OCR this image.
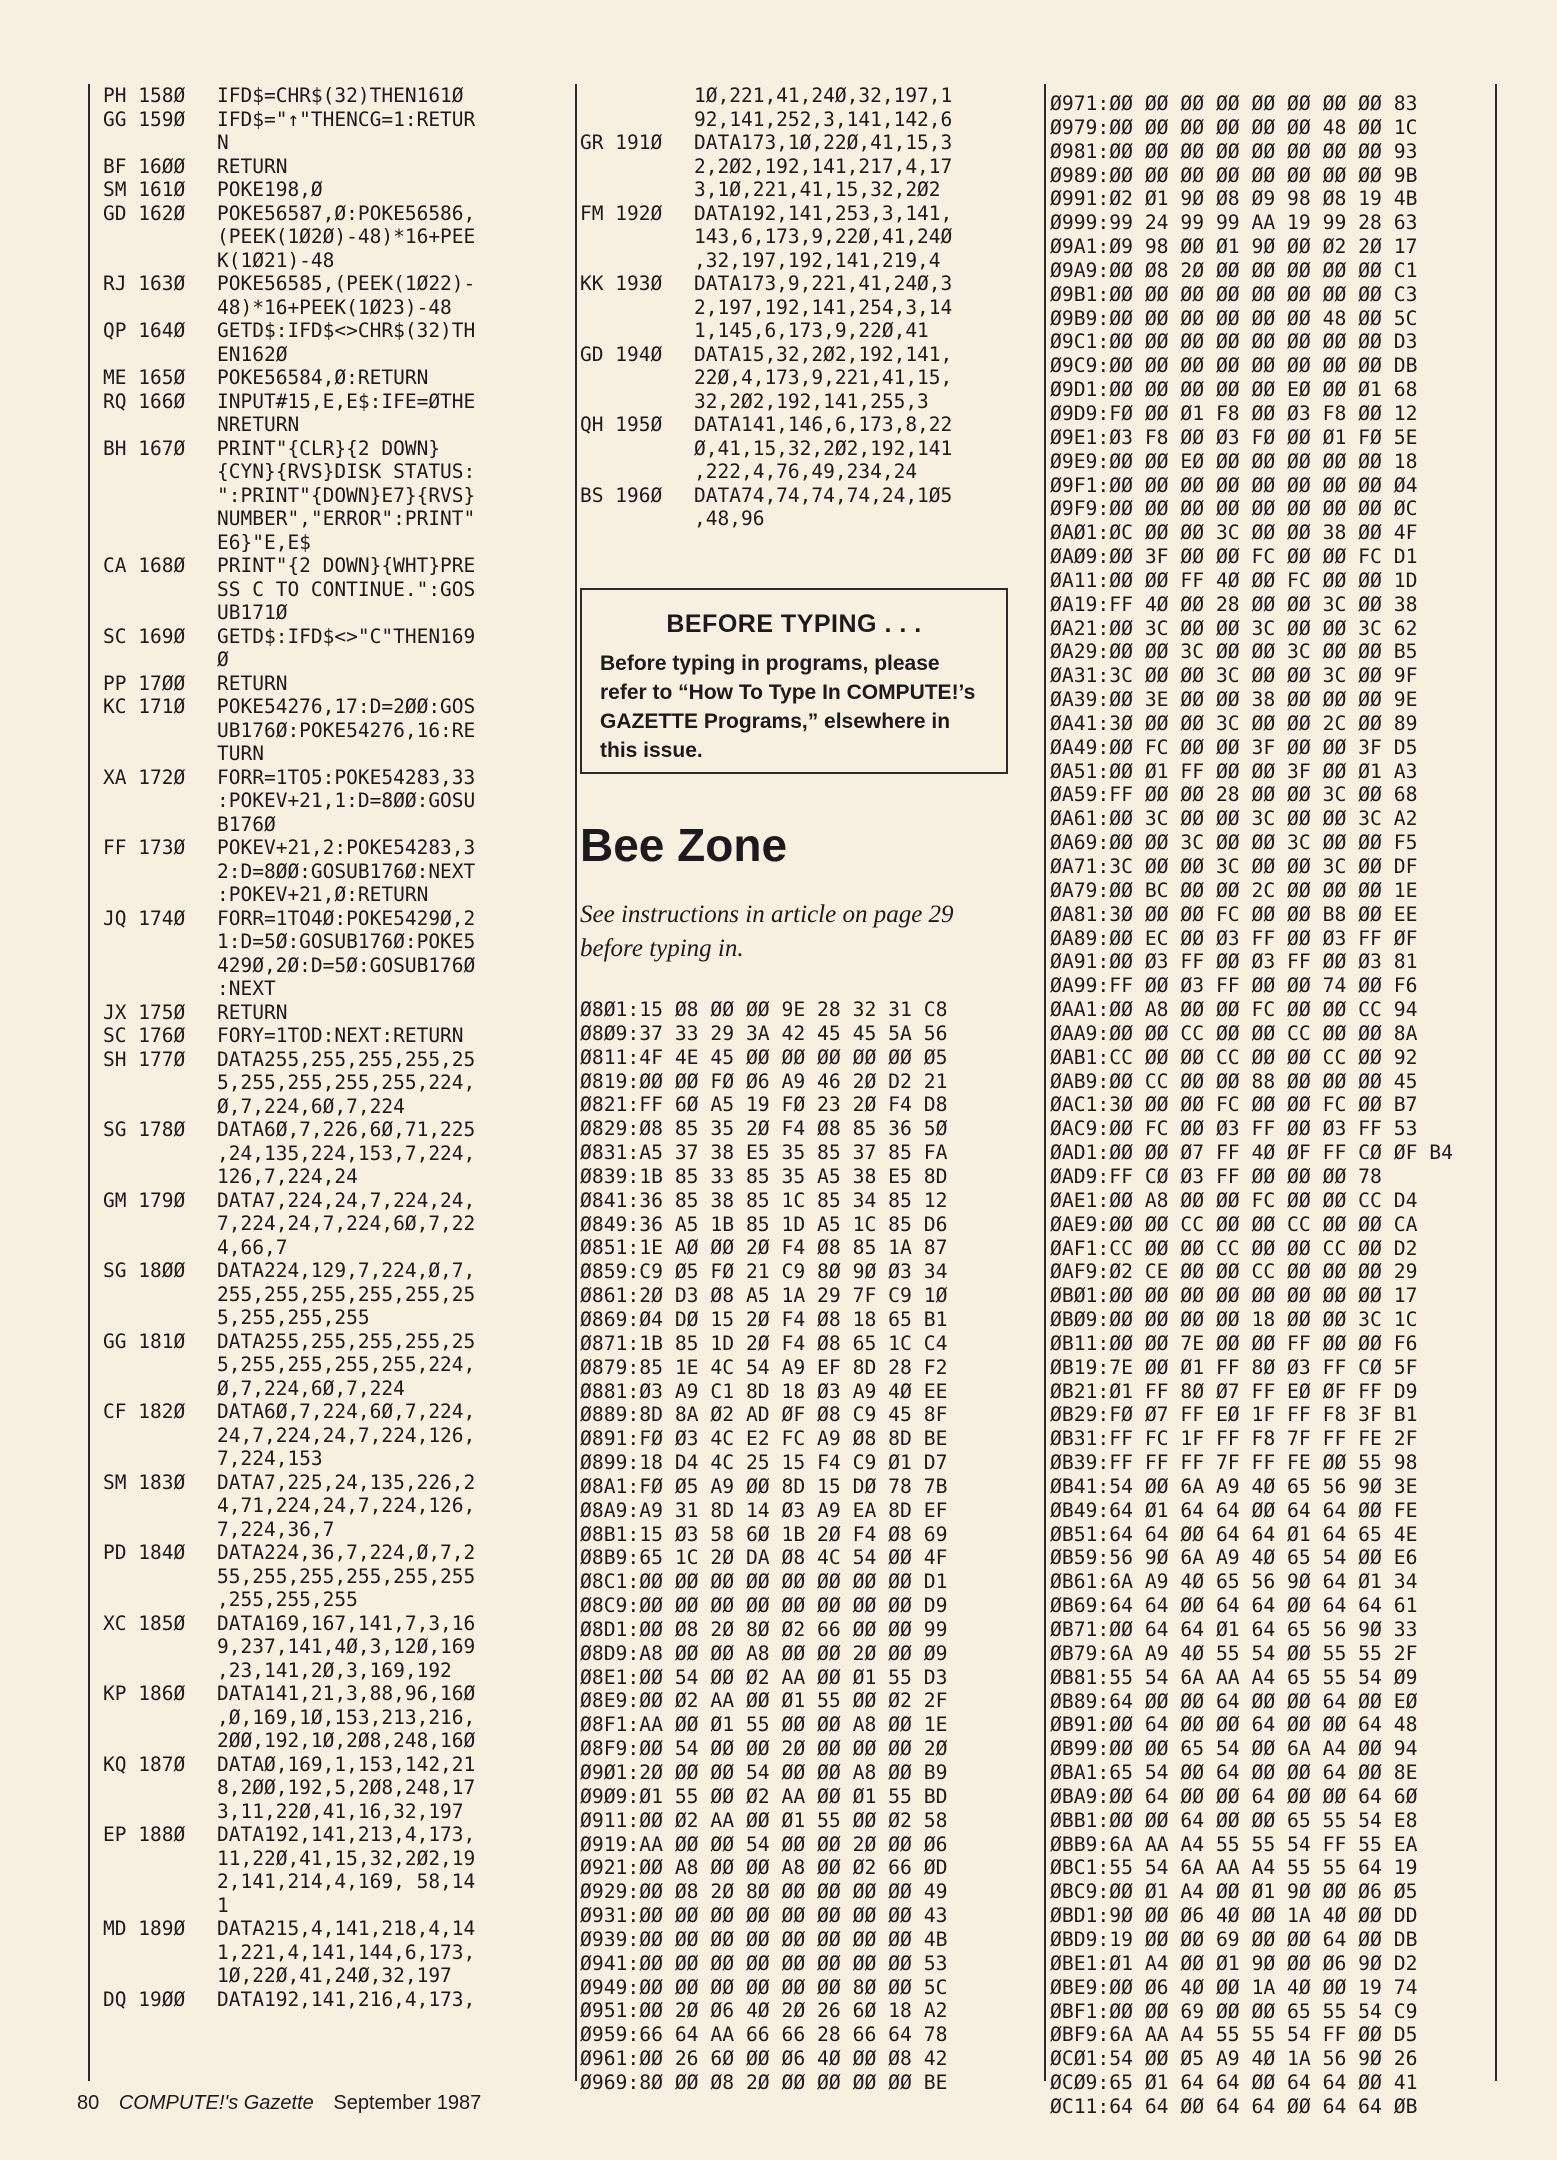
PH 158Ø	IFD$=CHR$(32)THEN161Ø
GG 159Ø	IFD$="↑"THENCG=1:RETUR
N
BF 16ØØ	RETURN
SM 161Ø	POKE198,Ø
GD 162Ø	POKE56587,Ø:POKE56586,
(PEEK(1Ø2Ø)-48)*16+PEE
K(1Ø21)-48
RJ 163Ø	POKE56585,(PEEK(1Ø22)-
48)*16+PEEK(1Ø23)-48
QP 164Ø	GETD$:IFD$<>CHR$(32)TH
EN162Ø
ME 165Ø	POKE56584,Ø:RETURN
RQ 166Ø	INPUT#15,E,E$:IFE=ØTHE
NRETURN
BH 167Ø	PRINT"{CLR}{2 DOWN}
{CYN}{RVS}DISK STATUS:
":PRINT"{DOWN}E7}{RVS}
NUMBER","ERROR":PRINT"
E6}"E,E$
CA 168Ø	PRINT"{2 DOWN}{WHT}PRE
SS C TO CONTINUE.":GOS
UB171Ø
SC 169Ø	GETD$:IFD$<>"C"THEN169
Ø
PP 17ØØ	RETURN
KC 171Ø	POKE54276,17:D=2ØØ:GOS
UB176Ø:POKE54276,16:RE
TURN
XA 172Ø	FORR=1TO5:POKE54283,33
:POKEV+21,1:D=8ØØ:GOSU
B176Ø
FF 173Ø	POKEV+21,2:POKE54283,3
2:D=8ØØ:GOSUB176Ø:NEXT
:POKEV+21,Ø:RETURN
JQ 174Ø	FORR=1TO4Ø:POKE5429Ø,2
1:D=5Ø:GOSUB176Ø:POKE5
429Ø,2Ø:D=5Ø:GOSUB176Ø
:NEXT
JX 175Ø	RETURN
SC 176Ø	FORY=1TOD:NEXT:RETURN
SH 177Ø	DATA255,255,255,255,25
5,255,255,255,255,224,
Ø,7,224,6Ø,7,224
SG 178Ø	DATA6Ø,7,226,6Ø,71,225
,24,135,224,153,7,224,
126,7,224,24
GM 179Ø	DATA7,224,24,7,224,24,
7,224,24,7,224,6Ø,7,22
4,66,7
SG 18ØØ	DATA224,129,7,224,Ø,7,
255,255,255,255,255,25
5,255,255,255
GG 181Ø	DATA255,255,255,255,25
5,255,255,255,255,224,
Ø,7,224,6Ø,7,224
CF 182Ø	DATA6Ø,7,224,6Ø,7,224,
24,7,224,24,7,224,126,
7,224,153
SM 183Ø	DATA7,225,24,135,226,2
4,71,224,24,7,224,126,
7,224,36,7
PD 184Ø	DATA224,36,7,224,Ø,7,2
55,255,255,255,255,255
,255,255,255
XC 185Ø	DATA169,167,141,7,3,16
9,237,141,4Ø,3,12Ø,169
,23,141,2Ø,3,169,192
KP 186Ø	DATA141,21,3,88,96,16Ø
,Ø,169,1Ø,153,213,216,
2ØØ,192,1Ø,2Ø8,248,16Ø
KQ 187Ø	DATAØ,169,1,153,142,21
8,2ØØ,192,5,2Ø8,248,17
3,11,22Ø,41,16,32,197
EP 188Ø	DATA192,141,213,4,173,
11,22Ø,41,15,32,2Ø2,19
2,141,214,4,169, 58,14
1
MD 189Ø	DATA215,4,141,218,4,14
1,221,4,141,144,6,173,
1Ø,22Ø,41,24Ø,32,197
DQ 19ØØ	DATA192,141,216,4,173,
1Ø,221,41,24Ø,32,197,1
92,141,252,3,141,142,6
GR 191Ø	DATA173,1Ø,22Ø,41,15,3
2,2Ø2,192,141,217,4,17
3,1Ø,221,41,15,32,2Ø2
FM 192Ø	DATA192,141,253,3,141,
143,6,173,9,22Ø,41,24Ø
,32,197,192,141,219,4
KK 193Ø	DATA173,9,221,41,24Ø,3
2,197,192,141,254,3,14
1,145,6,173,9,22Ø,41
GD 194Ø	DATA15,32,2Ø2,192,141,
22Ø,4,173,9,221,41,15,
32,2Ø2,192,141,255,3
QH 195Ø	DATA141,146,6,173,8,22
Ø,41,15,32,2Ø2,192,141
,222,4,76,49,234,24
BS 196Ø	DATA74,74,74,74,24,1Ø5
,48,96
BEFORE TYPING . . .
Before typing in programs, please refer to “How To Type In COMPUTE!’s GAZETTE Programs,” elsewhere in this issue.
Bee Zone
See instructions in article on page 29 before typing in.
Ø8Ø1:15 Ø8 ØØ ØØ 9E 28 32 31 C8
Ø8Ø9:37 33 29 3A 42 45 45 5A 56
Ø811:4F 4E 45 ØØ ØØ ØØ ØØ ØØ Ø5
Ø819:ØØ ØØ FØ Ø6 A9 46 2Ø D2 21
Ø821:FF 6Ø A5 19 FØ 23 2Ø F4 D8
Ø829:Ø8 85 35 2Ø F4 Ø8 85 36 5Ø
Ø831:A5 37 38 E5 35 85 37 85 FA
Ø839:1B 85 33 85 35 A5 38 E5 8D
Ø841:36 85 38 85 1C 85 34 85 12
Ø849:36 A5 1B 85 1D A5 1C 85 D6
Ø851:1E AØ ØØ 2Ø F4 Ø8 85 1A 87
Ø859:C9 Ø5 FØ 21 C9 8Ø 9Ø Ø3 34
Ø861:2Ø D3 Ø8 A5 1A 29 7F C9 1Ø
Ø869:Ø4 DØ 15 2Ø F4 Ø8 18 65 B1
Ø871:1B 85 1D 2Ø F4 Ø8 65 1C C4
Ø879:85 1E 4C 54 A9 EF 8D 28 F2
Ø881:Ø3 A9 C1 8D 18 Ø3 A9 4Ø EE
Ø889:8D 8A Ø2 AD ØF Ø8 C9 45 8F
Ø891:FØ Ø3 4C E2 FC A9 Ø8 8D BE
Ø899:18 D4 4C 25 15 F4 C9 Ø1 D7
Ø8A1:FØ Ø5 A9 ØØ 8D 15 DØ 78 7B
Ø8A9:A9 31 8D 14 Ø3 A9 EA 8D EF
Ø8B1:15 Ø3 58 6Ø 1B 2Ø F4 Ø8 69
Ø8B9:65 1C 2Ø DA Ø8 4C 54 ØØ 4F
Ø8C1:ØØ ØØ ØØ ØØ ØØ ØØ ØØ ØØ D1
Ø8C9:ØØ ØØ ØØ ØØ ØØ ØØ ØØ ØØ D9
Ø8D1:ØØ Ø8 2Ø 8Ø Ø2 66 ØØ ØØ 99
Ø8D9:A8 ØØ ØØ A8 ØØ ØØ 2Ø ØØ Ø9
Ø8E1:ØØ 54 ØØ Ø2 AA ØØ Ø1 55 D3
Ø8E9:ØØ Ø2 AA ØØ Ø1 55 ØØ Ø2 2F
Ø8F1:AA ØØ Ø1 55 ØØ ØØ A8 ØØ 1E
Ø8F9:ØØ 54 ØØ ØØ 2Ø ØØ ØØ ØØ 2Ø
Ø9Ø1:2Ø ØØ ØØ 54 ØØ ØØ A8 ØØ B9
Ø9Ø9:Ø1 55 ØØ Ø2 AA ØØ Ø1 55 BD
Ø911:ØØ Ø2 AA ØØ Ø1 55 ØØ Ø2 58
Ø919:AA ØØ ØØ 54 ØØ ØØ 2Ø ØØ Ø6
Ø921:ØØ A8 ØØ ØØ A8 ØØ Ø2 66 ØD
Ø929:ØØ Ø8 2Ø 8Ø ØØ ØØ ØØ ØØ 49
Ø931:ØØ ØØ ØØ ØØ ØØ ØØ ØØ ØØ 43
Ø939:ØØ ØØ ØØ ØØ ØØ ØØ ØØ ØØ 4B
Ø941:ØØ ØØ ØØ ØØ ØØ ØØ ØØ ØØ 53
Ø949:ØØ ØØ ØØ ØØ ØØ ØØ 8Ø ØØ 5C
Ø951:ØØ 2Ø Ø6 4Ø 2Ø 26 6Ø 18 A2
Ø959:66 64 AA 66 66 28 66 64 78
Ø961:ØØ 26 6Ø ØØ Ø6 4Ø ØØ Ø8 42
Ø969:8Ø ØØ Ø8 2Ø ØØ ØØ ØØ ØØ BE
Ø971:ØØ ØØ ØØ ØØ ØØ ØØ ØØ ØØ 83
Ø979:ØØ ØØ ØØ ØØ ØØ ØØ 48 ØØ 1C
Ø981:ØØ ØØ ØØ ØØ ØØ ØØ ØØ ØØ 93
Ø989:ØØ ØØ ØØ ØØ ØØ ØØ ØØ ØØ 9B
Ø991:Ø2 Ø1 9Ø Ø8 Ø9 98 Ø8 19 4B
Ø999:99 24 99 99 AA 19 99 28 63
Ø9A1:Ø9 98 ØØ Ø1 9Ø ØØ Ø2 2Ø 17
Ø9A9:ØØ Ø8 2Ø ØØ ØØ ØØ ØØ ØØ C1
Ø9B1:ØØ ØØ ØØ ØØ ØØ ØØ ØØ ØØ C3
Ø9B9:ØØ ØØ ØØ ØØ ØØ ØØ 48 ØØ 5C
Ø9C1:ØØ ØØ ØØ ØØ ØØ ØØ ØØ ØØ D3
Ø9C9:ØØ ØØ ØØ ØØ ØØ ØØ ØØ ØØ DB
Ø9D1:ØØ ØØ ØØ ØØ ØØ EØ ØØ Ø1 68
Ø9D9:FØ ØØ Ø1 F8 ØØ Ø3 F8 ØØ 12
Ø9E1:Ø3 F8 ØØ Ø3 FØ ØØ Ø1 FØ 5E
Ø9E9:ØØ ØØ EØ ØØ ØØ ØØ ØØ ØØ 18
Ø9F1:ØØ ØØ ØØ ØØ ØØ ØØ ØØ ØØ Ø4
Ø9F9:ØØ ØØ ØØ ØØ ØØ ØØ ØØ ØØ ØC
ØAØ1:ØC ØØ ØØ 3C ØØ ØØ 38 ØØ 4F
ØAØ9:ØØ 3F ØØ ØØ FC ØØ ØØ FC D1
ØA11:ØØ ØØ FF 4Ø ØØ FC ØØ ØØ 1D
ØA19:FF 4Ø ØØ 28 ØØ ØØ 3C ØØ 38
ØA21:ØØ 3C ØØ ØØ 3C ØØ ØØ 3C 62
ØA29:ØØ ØØ 3C ØØ ØØ 3C ØØ ØØ B5
ØA31:3C ØØ ØØ 3C ØØ ØØ 3C ØØ 9F
ØA39:ØØ 3E ØØ ØØ 38 ØØ ØØ ØØ 9E
ØA41:3Ø ØØ ØØ 3C ØØ ØØ 2C ØØ 89
ØA49:ØØ FC ØØ ØØ 3F ØØ ØØ 3F D5
ØA51:ØØ Ø1 FF ØØ ØØ 3F ØØ Ø1 A3
ØA59:FF ØØ ØØ 28 ØØ ØØ 3C ØØ 68
ØA61:ØØ 3C ØØ ØØ 3C ØØ ØØ 3C A2
ØA69:ØØ ØØ 3C ØØ ØØ 3C ØØ ØØ F5
ØA71:3C ØØ ØØ 3C ØØ ØØ 3C ØØ DF
ØA79:ØØ BC ØØ ØØ 2C ØØ ØØ ØØ 1E
ØA81:3Ø ØØ ØØ FC ØØ ØØ B8 ØØ EE
ØA89:ØØ EC ØØ Ø3 FF ØØ Ø3 FF ØF
ØA91:ØØ Ø3 FF ØØ Ø3 FF ØØ Ø3 81
ØA99:FF ØØ Ø3 FF ØØ ØØ 74 ØØ F6
ØAA1:ØØ A8 ØØ ØØ FC ØØ ØØ CC 94
ØAA9:ØØ ØØ CC ØØ ØØ CC ØØ ØØ 8A
ØAB1:CC ØØ ØØ CC ØØ ØØ CC ØØ 92
ØAB9:ØØ CC ØØ ØØ 88 ØØ ØØ ØØ 45
ØAC1:3Ø ØØ ØØ FC ØØ ØØ FC ØØ B7
ØAC9:ØØ FC ØØ Ø3 FF ØØ Ø3 FF 53
ØAD1:ØØ ØØ Ø7 FF 4Ø ØF FF CØ ØF B4
ØAD9:FF CØ Ø3 FF ØØ ØØ ØØ 78
ØAE1:ØØ A8 ØØ ØØ FC ØØ ØØ CC D4
ØAE9:ØØ ØØ CC ØØ ØØ CC ØØ ØØ CA
ØAF1:CC ØØ ØØ CC ØØ ØØ CC ØØ D2
ØAF9:Ø2 CE ØØ ØØ CC ØØ ØØ ØØ 29
ØBØ1:ØØ ØØ ØØ ØØ ØØ ØØ ØØ ØØ 17
ØBØ9:ØØ ØØ ØØ ØØ 18 ØØ ØØ 3C 1C
ØB11:ØØ ØØ 7E ØØ ØØ FF ØØ ØØ F6
ØB19:7E ØØ Ø1 FF 8Ø Ø3 FF CØ 5F
ØB21:Ø1 FF 8Ø Ø7 FF EØ ØF FF D9
ØB29:FØ Ø7 FF EØ 1F FF F8 3F B1
ØB31:FF FC 1F FF F8 7F FF FE 2F
ØB39:FF FF FF 7F FF FE ØØ 55 98
ØB41:54 ØØ 6A A9 4Ø 65 56 9Ø 3E
ØB49:64 Ø1 64 64 ØØ 64 64 ØØ FE
ØB51:64 64 ØØ 64 64 Ø1 64 65 4E
ØB59:56 9Ø 6A A9 4Ø 65 54 ØØ E6
ØB61:6A A9 4Ø 65 56 9Ø 64 Ø1 34
ØB69:64 64 ØØ 64 64 ØØ 64 64 61
ØB71:ØØ 64 64 Ø1 64 65 56 9Ø 33
ØB79:6A A9 4Ø 55 54 ØØ 55 55 2F
ØB81:55 54 6A AA A4 65 55 54 Ø9
ØB89:64 ØØ ØØ 64 ØØ ØØ 64 ØØ EØ
ØB91:ØØ 64 ØØ ØØ 64 ØØ ØØ 64 48
ØB99:ØØ ØØ 65 54 ØØ 6A A4 ØØ 94
ØBA1:65 54 ØØ 64 ØØ ØØ 64 ØØ 8E
ØBA9:ØØ 64 ØØ ØØ 64 ØØ ØØ 64 6Ø
ØBB1:ØØ ØØ 64 ØØ ØØ 65 55 54 E8
ØBB9:6A AA A4 55 55 54 FF 55 EA
ØBC1:55 54 6A AA A4 55 55 64 19
ØBC9:ØØ Ø1 A4 ØØ Ø1 9Ø ØØ Ø6 Ø5
ØBD1:9Ø ØØ Ø6 4Ø ØØ 1A 4Ø ØØ DD
ØBD9:19 ØØ ØØ 69 ØØ ØØ 64 ØØ DB
ØBE1:Ø1 A4 ØØ Ø1 9Ø ØØ Ø6 9Ø D2
ØBE9:ØØ Ø6 4Ø ØØ 1A 4Ø ØØ 19 74
ØBF1:ØØ ØØ 69 ØØ ØØ 65 55 54 C9
ØBF9:6A AA A4 55 55 54 FF ØØ D5
ØCØ1:54 ØØ Ø5 A9 4Ø 1A 56 9Ø 26
ØCØ9:65 Ø1 64 64 ØØ 64 64 ØØ 41
ØC11:64 64 ØØ 64 64 ØØ 64 64 ØB
80 COMPUTE!'s Gazette September 1987
